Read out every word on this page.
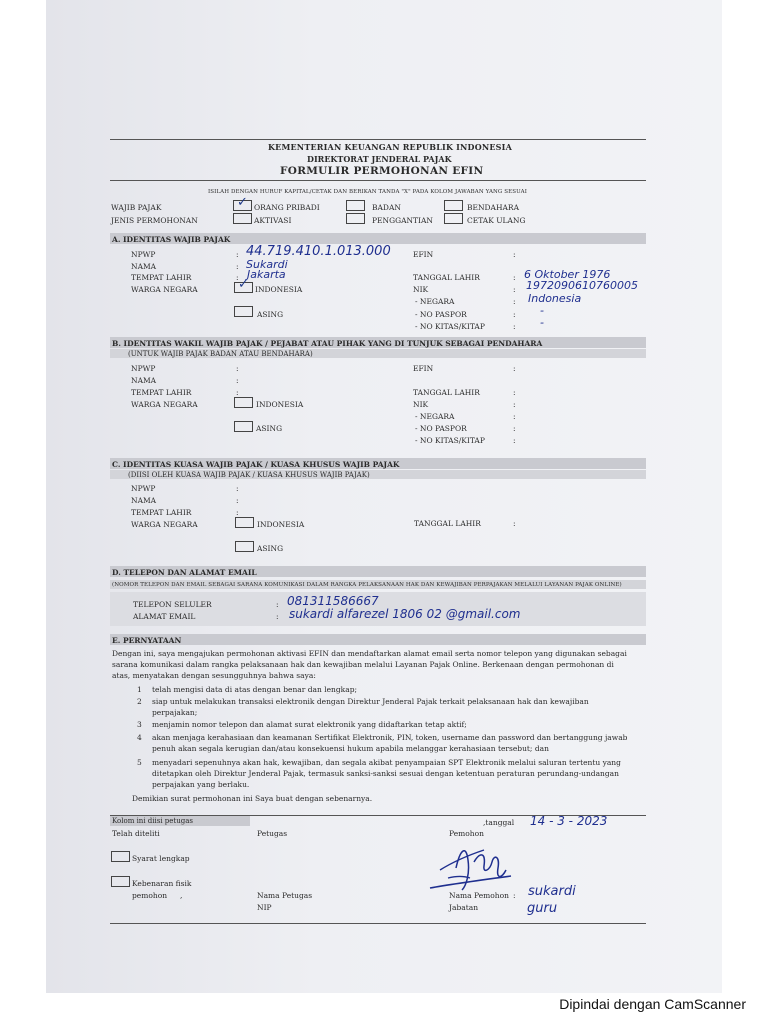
KEMENTERIAN KEUANGAN REPUBLIK INDONESIA
DIREKTORAT JENDERAL PAJAK
FORMULIR PERMOHONAN EFIN
ISILAH DENGAN HURUF KAPITAL/CETAK DAN BERIKAN TANDA "X" PADA KOLOM JAWABAN YANG SESUAI
WAJIB PAJAK	✓ ORANG PRIBADI	BADAN	BENDAHARA
JENIS PERMOHONAN	AKTIVASI	PENGGANTIAN	CETAK ULANG
A. IDENTITAS WAJIB PAJAK
NPWP	: 44.719.410.1.013.000
NAMA	: Sukardi
TEMPAT LAHIR	: Jakarta
WARGA NEGARA	✓ INDONESIA
ASING
EFIN	:
TANGGAL LAHIR	: 6 Oktober 1976
NIK	: 1972090610760005
- NEGARA	: Indonesia
- NO PASPOR	: -
- NO KITAS/KITAP	: -
B. IDENTITAS WAKIL WAJIB PAJAK / PEJABAT ATAU PIHAK YANG DI TUNJUK SEBAGAI PENDAHARA
(UNTUK WAJIB PAJAK BADAN ATAU BENDAHARA)
NPWP	:
NAMA	:
TEMPAT LAHIR	:
WARGA NEGARA	INDONESIA
ASING
EFIN	:
TANGGAL LAHIR	:
NIK	:
- NEGARA	:
- NO PASPOR	:
- NO KITAS/KITAP	:
C. IDENTITAS KUASA WAJIB PAJAK / KUASA KHUSUS WAJIB PAJAK
(DIISI OLEH KUASA WAJIB PAJAK / KUASA KHUSUS WAJIB PAJAK)
NPWP	:
NAMA	:
TEMPAT LAHIR	:
WARGA NEGARA	INDONESIA
ASING
TANGGAL LAHIR	:
D. TELEPON DAN ALAMAT EMAIL
(NOMOR TELEPON DAN EMAIL SEBAGAI SARANA KOMUNIKASI DALAM RANGKA PELAKSANAAN HAK DAN KEWAJIBAN PERPAJAKAN MELALUI LAYANAN PAJAK ONLINE)
TELEPON SELULER	: 081311586667
ALAMAT EMAIL	: sukardi alfarezel 1806 02 @gmail.com
E. PERNYATAAN
Dengan ini, saya mengajukan permohonan aktivasi EFIN dan mendaftarkan alamat email serta nomor telepon yang digunakan sebagai
sarana komunikasi dalam rangka pelaksanaan hak dan kewajiban melalui Layanan Pajak Online. Berkenaan dengan permohonan di
atas, menyatakan dengan sesungguhnya bahwa saya:
1 telah mengisi data di atas dengan benar dan lengkap;
2 siap untuk melakukan transaksi elektronik dengan Direktur Jenderal Pajak terkait pelaksanaan hak dan kewajiban
perpajakan;
3 menjamin nomor telepon dan alamat surat elektronik yang didaftarkan tetap aktif;
4 akan menjaga kerahasiaan dan keamanan Sertifikat Elektronik, PIN, token, username dan password dan bertanggung jawab
penuh akan segala kerugian dan/atau konsekuensi hukum apabila melanggar kerahasiaan tersebut; dan
5 menyadari sepenuhnya akan hak, kewajiban, dan segala akibat penyampaian SPT Elektronik melalui saluran tertentu yang
ditetapkan oleh Direktur Jenderal Pajak, termasuk sanksi-sanksi sesuai dengan ketentuan peraturan perundang-undangan
perpajakan yang berlaku.
Demikian surat permohonan ini Saya buat dengan sebenarnya.
Kolom ini diisi petugas
Telah diteliti	Petugas
,tanggal 14 - 3 - 2023
Pemohon
Syarat lengkap
Kebenaran fisik
pemohon ,	Nama Petugas
NIP
Nama Pemohon : sukardi
Jabatan	guru
Dipindai dengan CamScanner
